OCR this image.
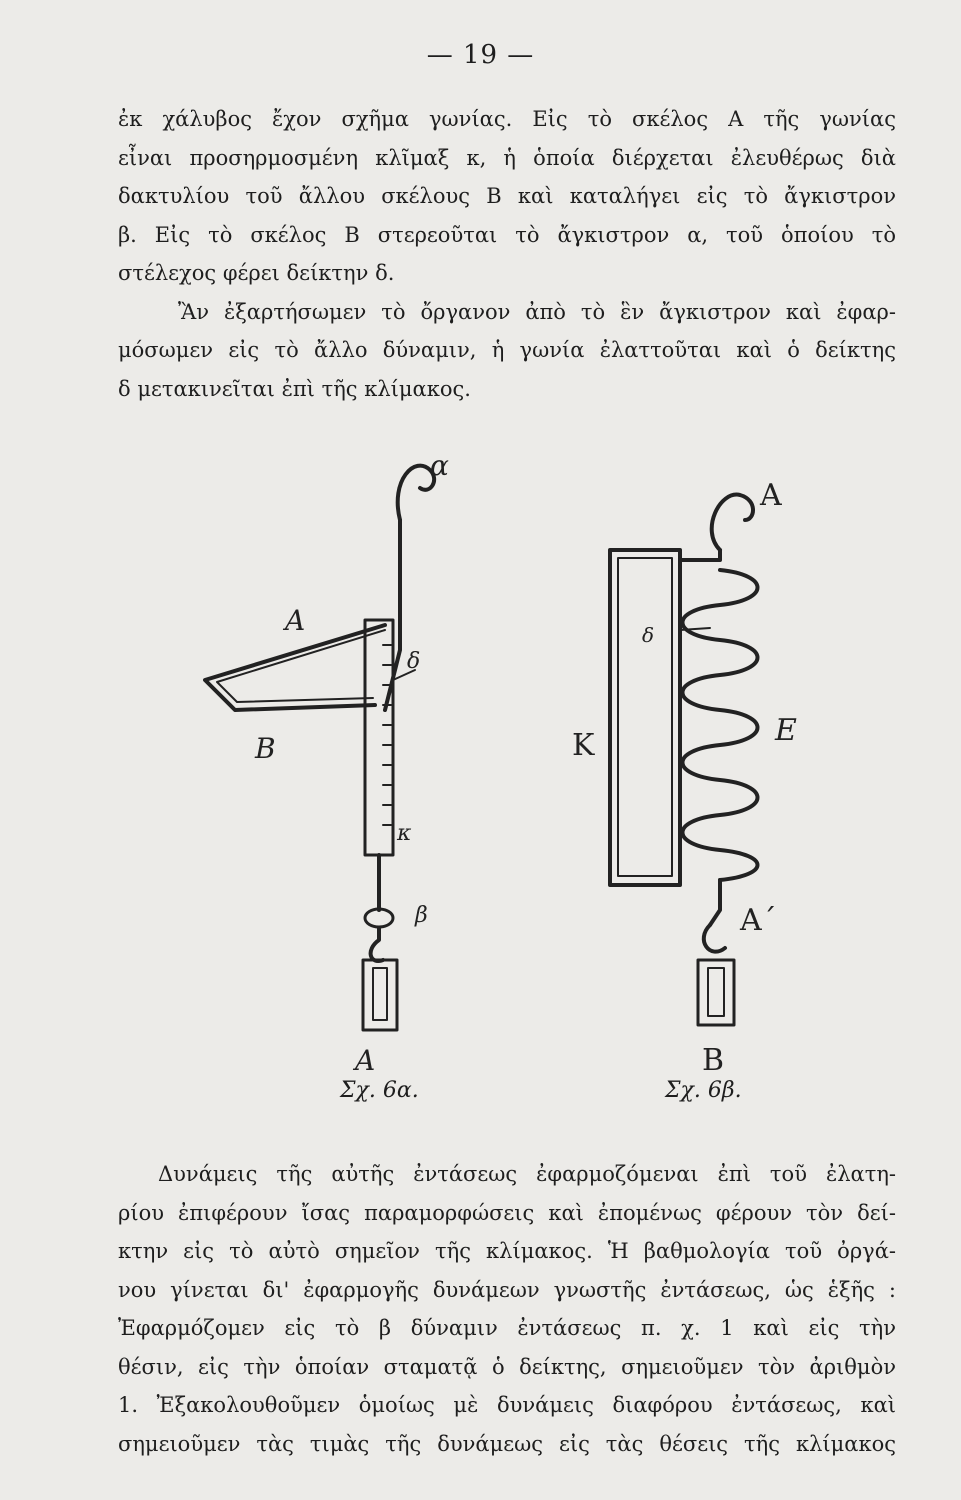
— 19 —
ἐκ χάλυβος ἔχον σχῆμα γωνίας. Εἰς τὸ σκέλος Α τῆς γωνίας
εἶναι προσηρμοσμένη κλῖμαξ κ, ἡ ὁποία διέρχεται ἐλευθέρως διὰ
δακτυλίου τοῦ ἄλλου σκέλους Β καὶ καταλήγει εἰς τὸ ἄγκιστρον
β. Εἰς τὸ σκέλος Β στερεοῦται τὸ ἄγκιστρον α, τοῦ ὁποίου τὸ
στέλεχος φέρει δείκτην δ.
Ἂν ἐξαρτήσωμεν τὸ ὄργανον ἀπὸ τὸ ἓν ἄγκιστρον καὶ ἐφαρ-
μόσωμεν εἰς τὸ ἄλλο δύναμιν, ἡ γωνία ἐλαττοῦται καὶ ὁ δείκτης
δ μετακινεῖται ἐπὶ τῆς κλίμακος.
α
Α
Β
δ
κ
β
Α
Σχ. 6α.
Α
δ
Ε
Κ
Α΄
Β
Σχ. 6β.
Δυνάμεις τῆς αὐτῆς ἐντάσεως ἐφαρμοζόμεναι ἐπὶ τοῦ ἐλατη-
ρίου ἐπιφέρουν ἴσας παραμορφώσεις καὶ ἐπομένως φέρουν τὸν δεί-
κτην εἰς τὸ αὐτὸ σημεῖον τῆς κλίμακος. Ἡ βαθμολογία τοῦ ὀργά-
νου γίνεται δι' ἐφαρμογῆς δυνάμεων γνωστῆς ἐντάσεως, ὡς ἑξῆς :
Ἐφαρμόζομεν εἰς τὸ β δύναμιν ἐντάσεως π. χ. 1 καὶ εἰς τὴν
θέσιν, εἰς τὴν ὁποίαν σταματᾷ ὁ δείκτης, σημειοῦμεν τὸν ἀριθμὸν
1. Ἐξακολουθοῦμεν ὁμοίως μὲ δυνάμεις διαφόρου ἐντάσεως, καὶ
σημειοῦμεν τὰς τιμὰς τῆς δυνάμεως εἰς τὰς θέσεις τῆς κλίμακος
